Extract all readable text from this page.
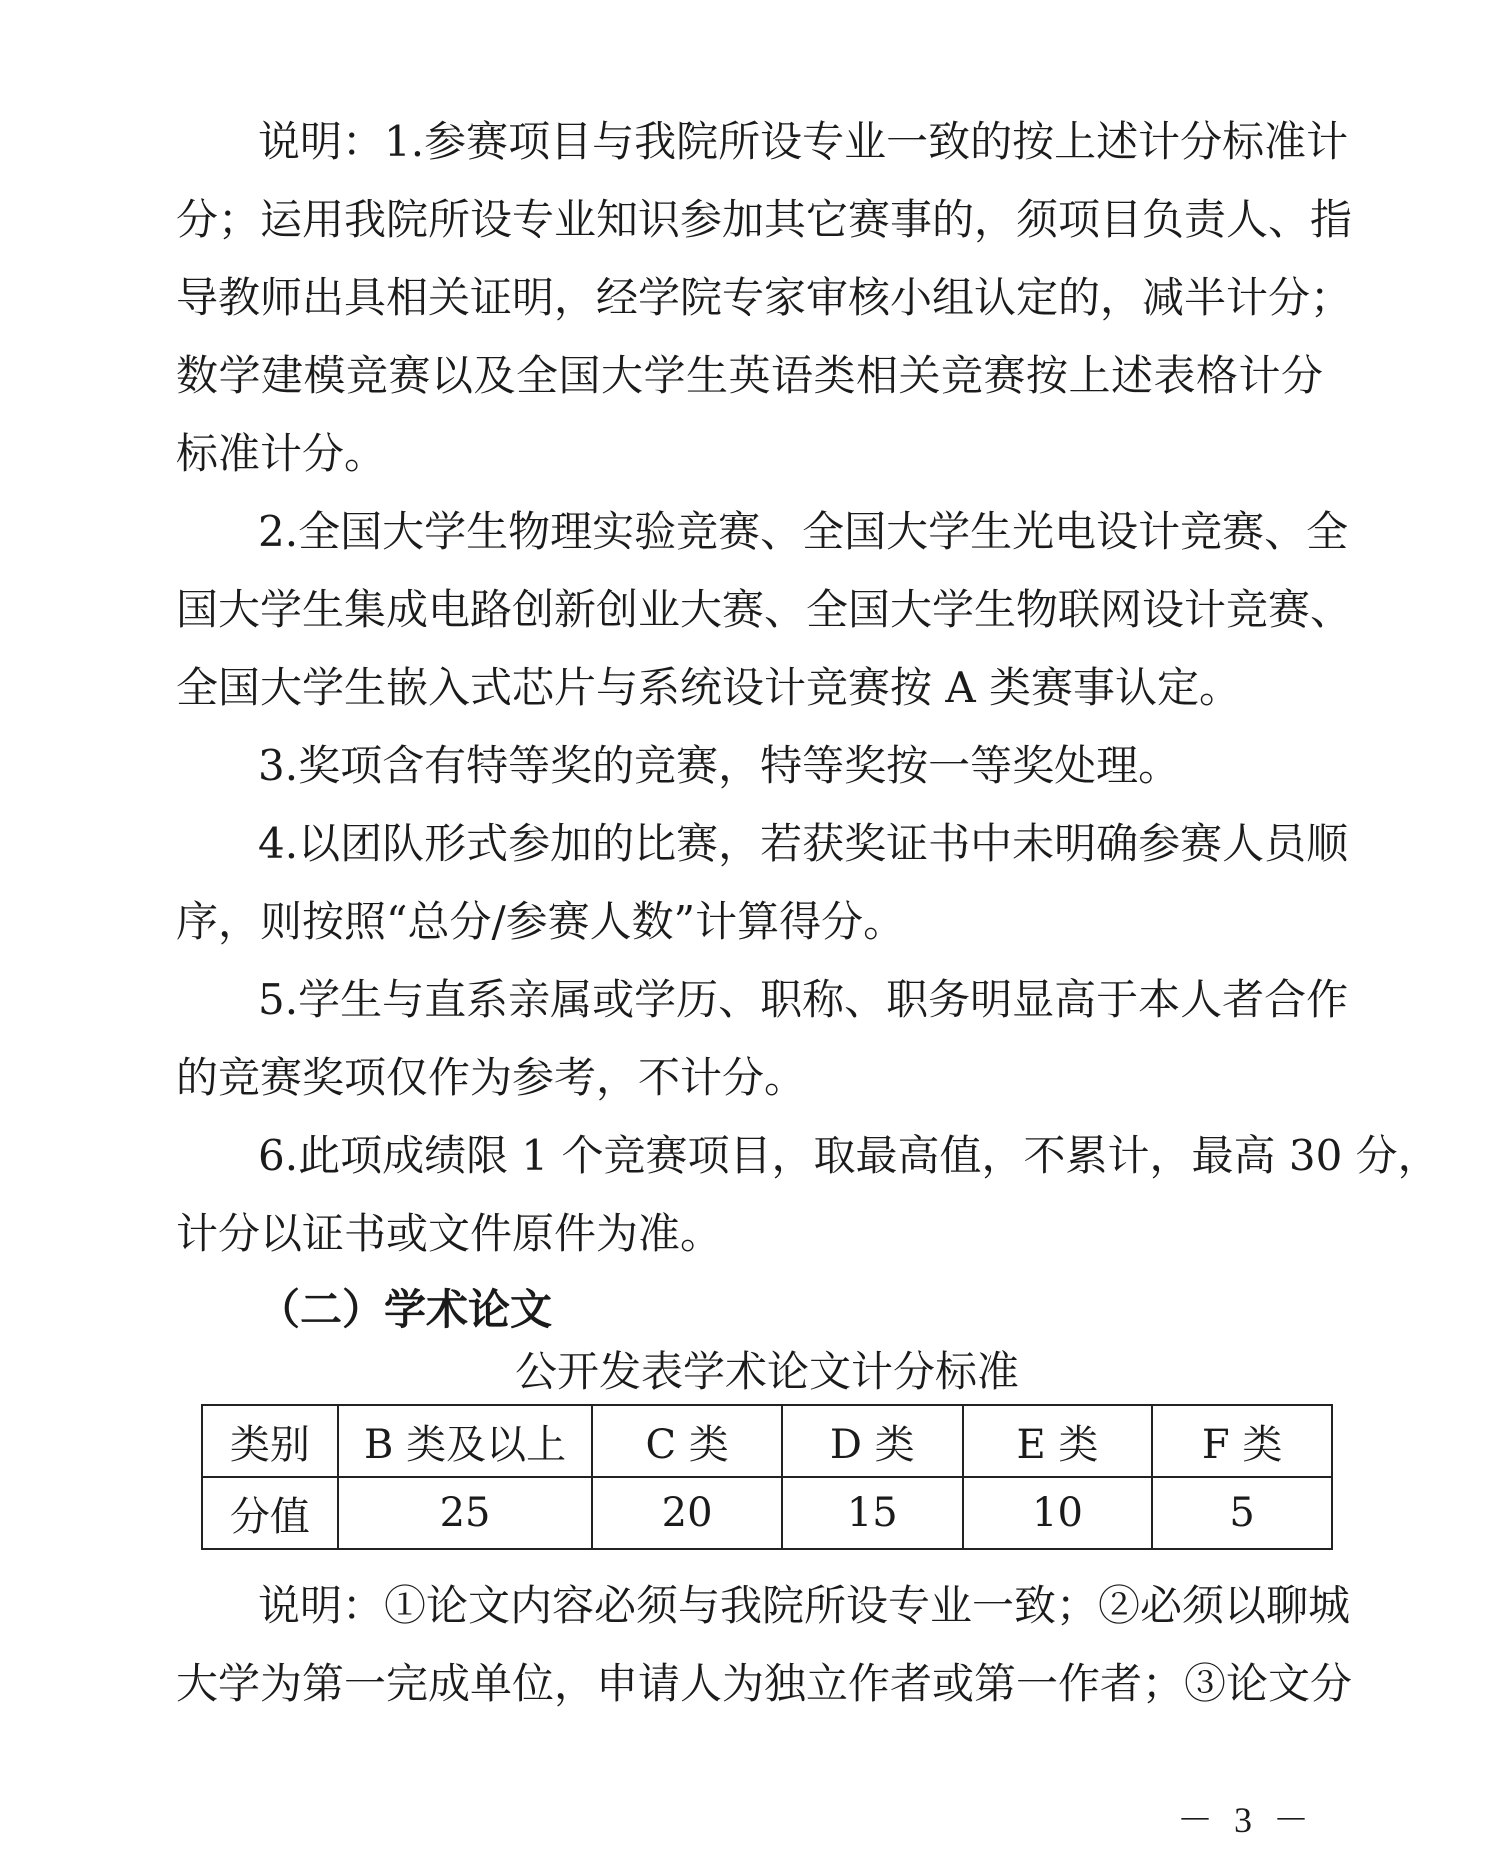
说明：1.参赛项目与我院所设专业一致的按上述计分标准计
分；运用我院所设专业知识参加其它赛事的，须项目负责人、指
导教师出具相关证明，经学院专家审核小组认定的，减半计分；
数学建模竞赛以及全国大学生英语类相关竞赛按上述表格计分
标准计分。
2.全国大学生物理实验竞赛、全国大学生光电设计竞赛、全
国大学生集成电路创新创业大赛、全国大学生物联网设计竞赛、
全国大学生嵌入式芯片与系统设计竞赛按 A 类赛事认定。
3.奖项含有特等奖的竞赛，特等奖按一等奖处理。
4.以团队形式参加的比赛，若获奖证书中未明确参赛人员顺
序，则按照“总分/参赛人数”计算得分。
5.学生与直系亲属或学历、职称、职务明显高于本人者合作
的竞赛奖项仅作为参考，不计分。
6.此项成绩限 1 个竞赛项目，取最高值，不累计，最高 30 分，
计分以证书或文件原件为准。
（二）学术论文
公开发表学术论文计分标准
类别	B 类及以上	C 类	D 类	E 类	F 类
分值	25	20	15	10	5
说明：①论文内容必须与我院所设专业一致；②必须以聊城
大学为第一完成单位，申请人为独立作者或第一作者；③论文分
－ 3 －
